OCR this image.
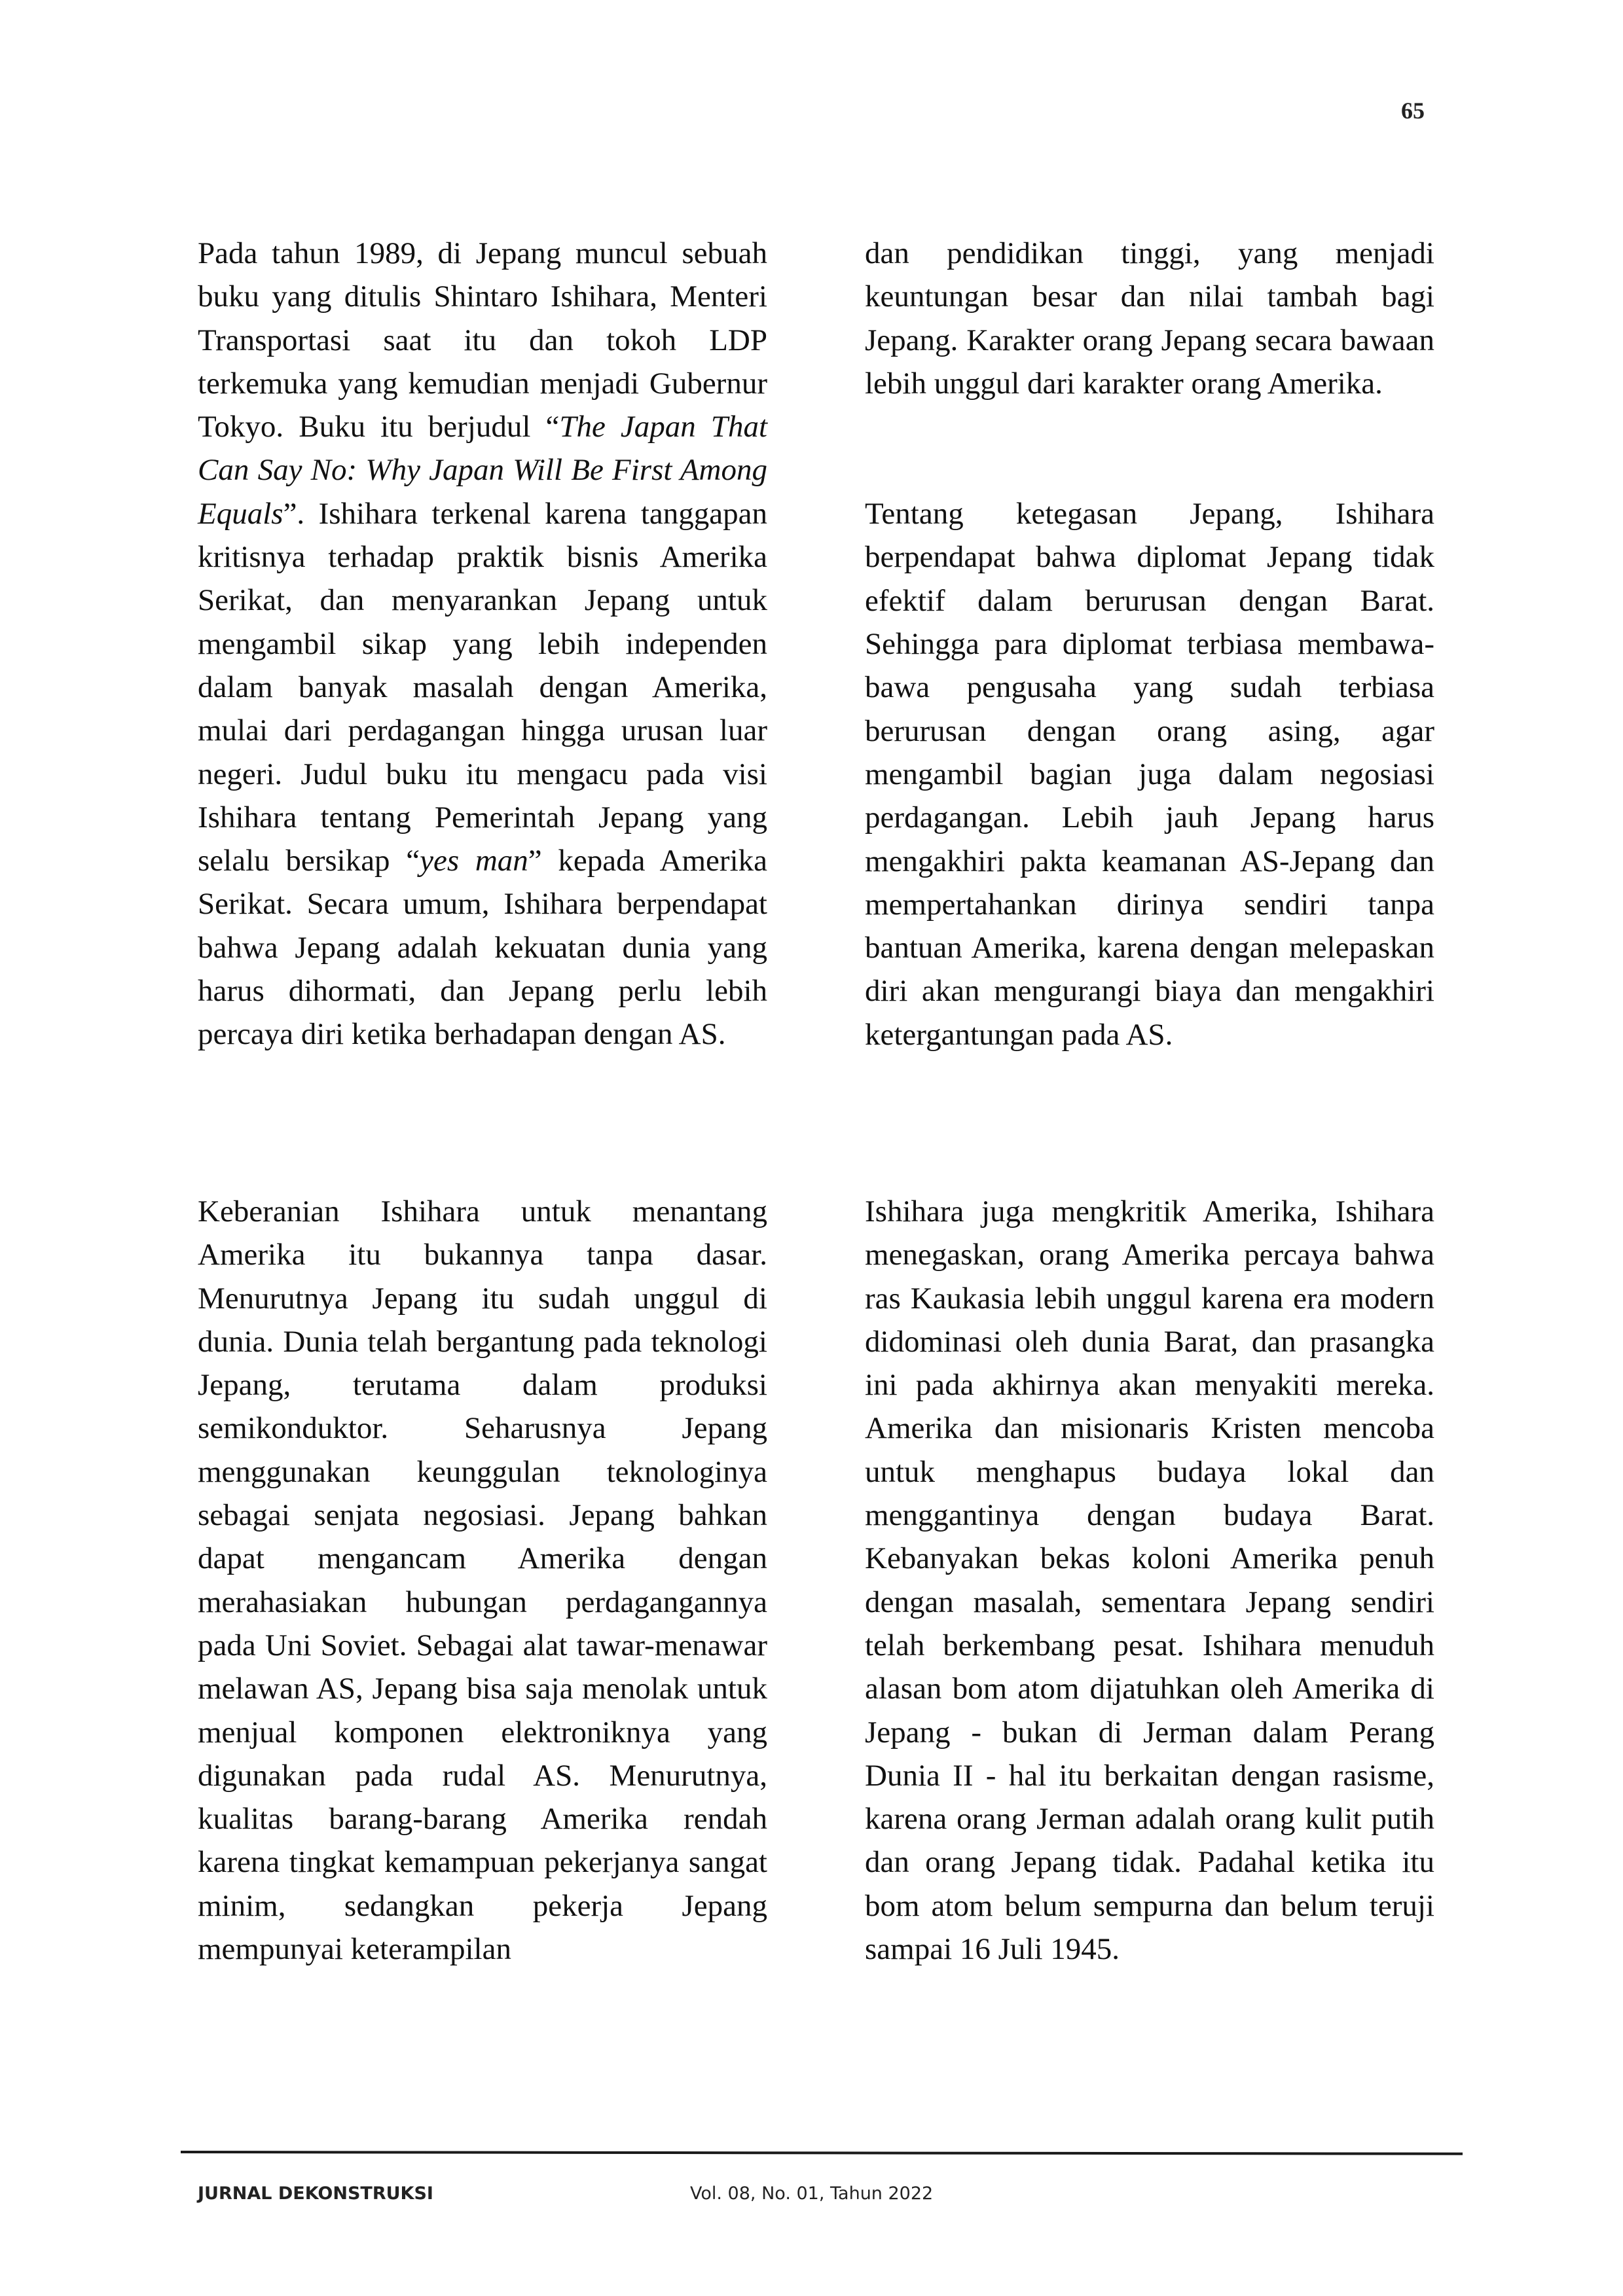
65

Pada tahun 1989, di Jepang muncul sebuah buku yang ditulis Shintaro Ishihara, Menteri Transportasi saat itu dan tokoh LDP terkemuka yang kemudian menjadi Gubernur Tokyo. Buku itu berjudul “The Japan That Can Say No: Why Japan Will Be First Among Equals”. Ishihara terkenal karena tanggapan kritisnya terhadap praktik bisnis Amerika Serikat, dan menyarankan Jepang untuk mengambil sikap yang lebih independen dalam banyak masalah dengan Amerika, mulai dari perdagangan hingga urusan luar negeri. Judul buku itu mengacu pada visi Ishihara tentang Pemerintah Jepang yang selalu bersikap “yes man” kepada Amerika Serikat. Secara umum, Ishihara berpendapat bahwa Jepang adalah kekuatan dunia yang harus dihormati, dan Jepang perlu lebih percaya diri ketika berhadapan dengan AS.

dan pendidikan tinggi, yang menjadi keuntungan besar dan nilai tambah bagi Jepang. Karakter orang Jepang secara bawaan lebih unggul dari karakter orang Amerika.

Tentang ketegasan Jepang, Ishihara berpendapat bahwa diplomat Jepang tidak efektif dalam berurusan dengan Barat. Sehingga para diplomat terbiasa membawa-bawa pengusaha yang sudah terbiasa berurusan dengan orang asing, agar mengambil bagian juga dalam negosiasi perdagangan. Lebih jauh Jepang harus mengakhiri pakta keamanan AS-Jepang dan mempertahankan dirinya sendiri tanpa bantuan Amerika, karena dengan melepaskan diri akan mengurangi biaya dan mengakhiri ketergantungan pada AS.

Keberanian Ishihara untuk menantang Amerika itu bukannya tanpa dasar. Menurutnya Jepang itu sudah unggul di dunia. Dunia telah bergantung pada teknologi Jepang, terutama dalam produksi semikonduktor. Seharusnya Jepang menggunakan keunggulan teknologinya sebagai senjata negosiasi. Jepang bahkan dapat mengancam Amerika dengan merahasiakan hubungan perdagangannya pada Uni Soviet. Sebagai alat tawar-menawar melawan AS, Jepang bisa saja menolak untuk menjual komponen elektroniknya yang digunakan pada rudal AS. Menurutnya, kualitas barang-barang Amerika rendah karena tingkat kemampuan pekerjanya sangat minim, sedangkan pekerja Jepang mempunyai keterampilan

Ishihara juga mengkritik Amerika, Ishihara menegaskan, orang Amerika percaya bahwa ras Kaukasia lebih unggul karena era modern didominasi oleh dunia Barat, dan prasangka ini pada akhirnya akan menyakiti mereka. Amerika dan misionaris Kristen mencoba untuk menghapus budaya lokal dan menggantinya dengan budaya Barat. Kebanyakan bekas koloni Amerika penuh dengan masalah, sementara Jepang sendiri telah berkembang pesat. Ishihara menuduh alasan bom atom dijatuhkan oleh Amerika di Jepang - bukan di Jerman dalam Perang Dunia II - hal itu berkaitan dengan rasisme, karena orang Jerman adalah orang kulit putih dan orang Jepang tidak. Padahal ketika itu bom atom belum sempurna dan belum teruji sampai 16 Juli 1945.

JURNAL DEKONSTRUKSI	Vol. 08, No. 01, Tahun 2022
